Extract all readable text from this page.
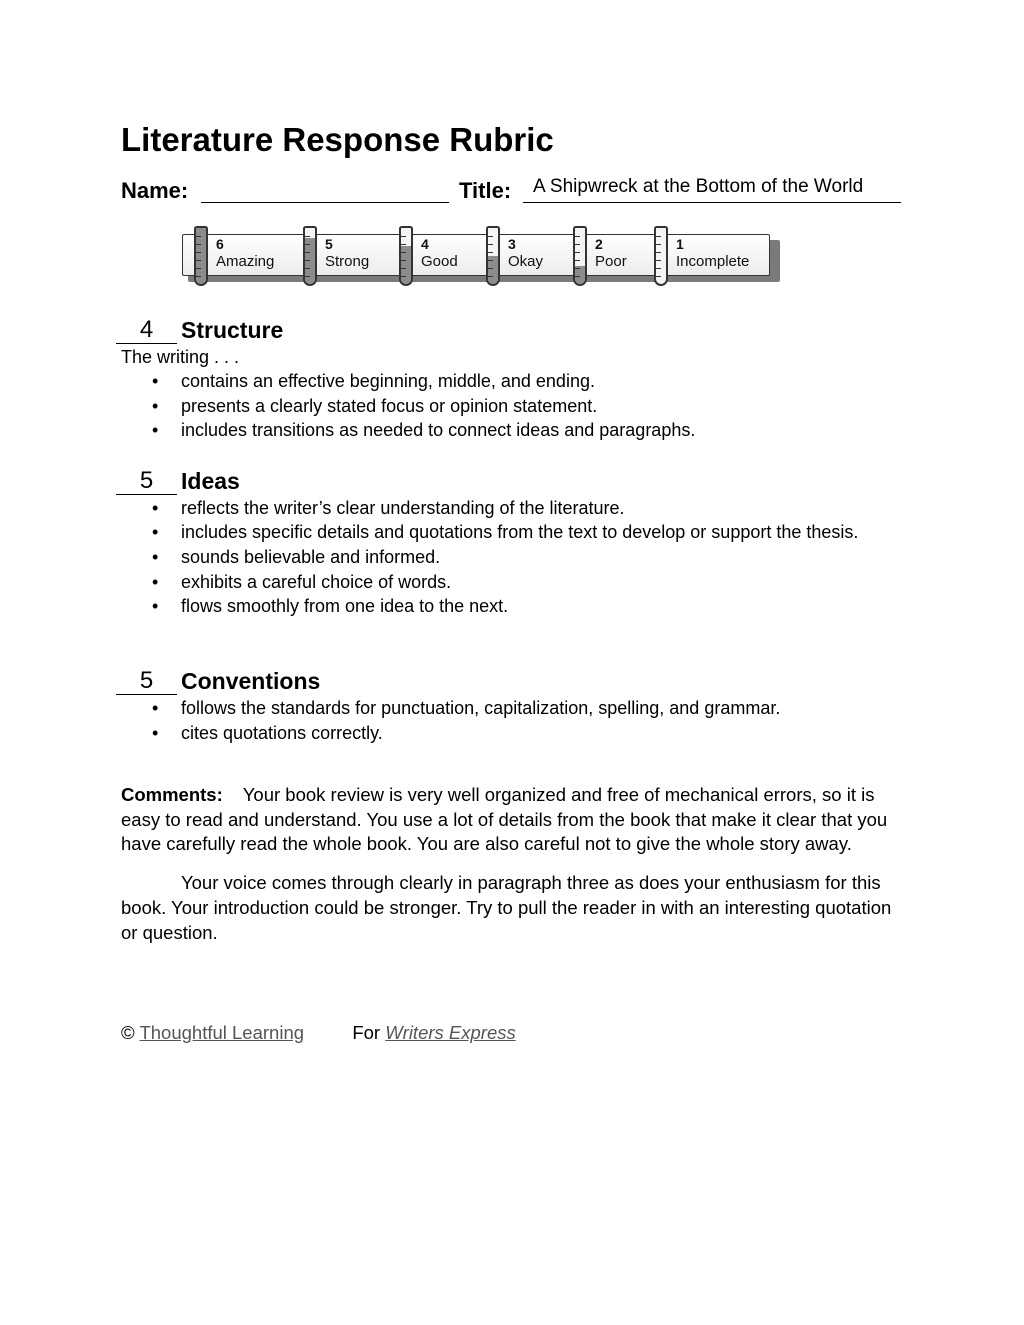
Literature Response Rubric
Name:	Title: A Shipwreck at the Bottom of the World
6
Amazing
5
Strong
4
Good
3
Okay
2
Poor
1
Incomplete
4	Structure
The writing . . .
• contains an effective beginning, middle, and ending.
• presents a clearly stated focus or opinion statement.
• includes transitions as needed to connect ideas and paragraphs.
5	Ideas
• reflects the writer’s clear understanding of the literature.
• includes specific details and quotations from the text to develop or support the thesis.
• sounds believable and informed.
• exhibits a careful choice of words.
• flows smoothly from one idea to the next.
5	Conventions
• follows the standards for punctuation, capitalization, spelling, and grammar.
• cites quotations correctly.

Comments: Your book review is very well organized and free of mechanical errors, so it is easy to read and understand. You use a lot of details from the book that make it clear that you have carefully read the whole book. You are also careful not to give the whole story away.

Your voice comes through clearly in paragraph three as does your enthusiasm for this book. Your introduction could be stronger. Try to pull the reader in with an interesting quotation or question.

© Thoughtful Learning	For Writers Express
